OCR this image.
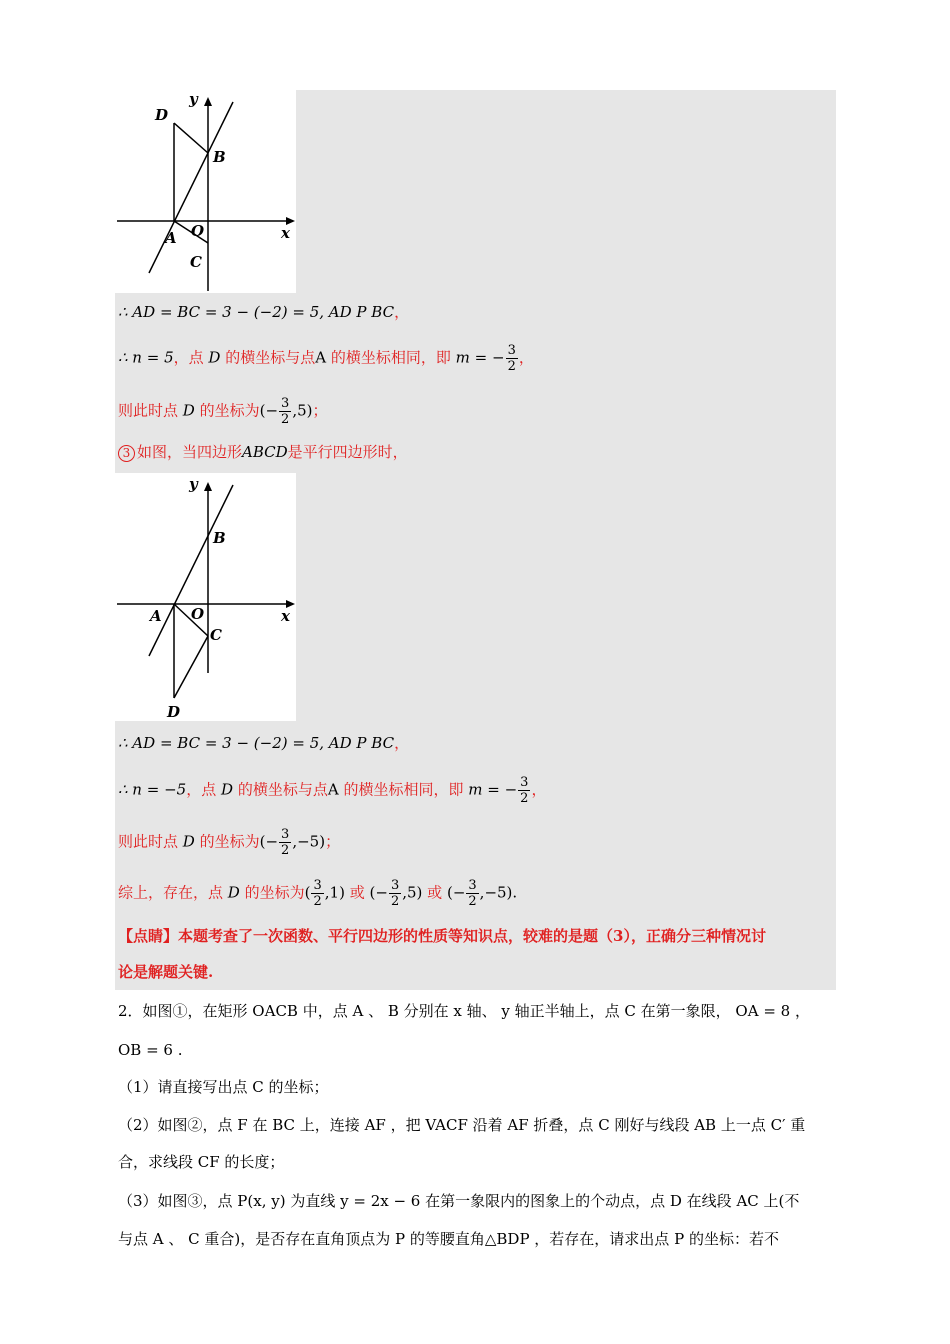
y
x
D
B
A O
C
∴ AD = BC = 3 − (−2) = 5, AD P BC，
∴ n = 5，点 D 的横坐标与点A 的横坐标相同，即 m = − $\frac{3}{2}$ ，
则此时点 D 的坐标为(− $\frac{3}{2} ,5$)；
3 如图，当四边形ABCD是平行四边形时，
y
x
B
A O
C
D
∴ AD = BC = 3 − (−2) = 5, AD P BC，
∴ n = −5，点 D 的横坐标与点A 的横坐标相同，即 m = − $\frac{3}{2}$ ，
则此时点 D 的坐标为(− $\frac{3}{2} ,-5$)；
综上，存在，点 D 的坐标为( $\frac{3}{2} ,1$) 或 (− $\frac{3}{2} ,5$) 或 (− $\frac{3}{2} ,-5$).
【点睛】本题考查了一次函数、平行四边形的性质等知识点，较难的是题（3），正确分三种情况讨
论是解题关键.
2．如图①，在矩形 OACB 中，点 A 、 B 分别在 x 轴、 y 轴正半轴上，点 C 在第一象限， OA = 8 ，
OB = 6 .
（1）请直接写出点 C 的坐标；
（2）如图②，点 F 在 BC 上，连接 AF ，把 VACF 沿着 AF 折叠，点 C 刚好与线段 AB 上一点 C′ 重
合，求线段 CF 的长度；
（3）如图③，点 P(x, y) 为直线 y = 2x − 6 在第一象限内的图象上的个动点，点 D 在线段 AC 上(不
与点 A 、 C 重合)，是否存在直角顶点为 P 的等腰直角△BDP ，若存在，请求出点 P 的坐标：若不
